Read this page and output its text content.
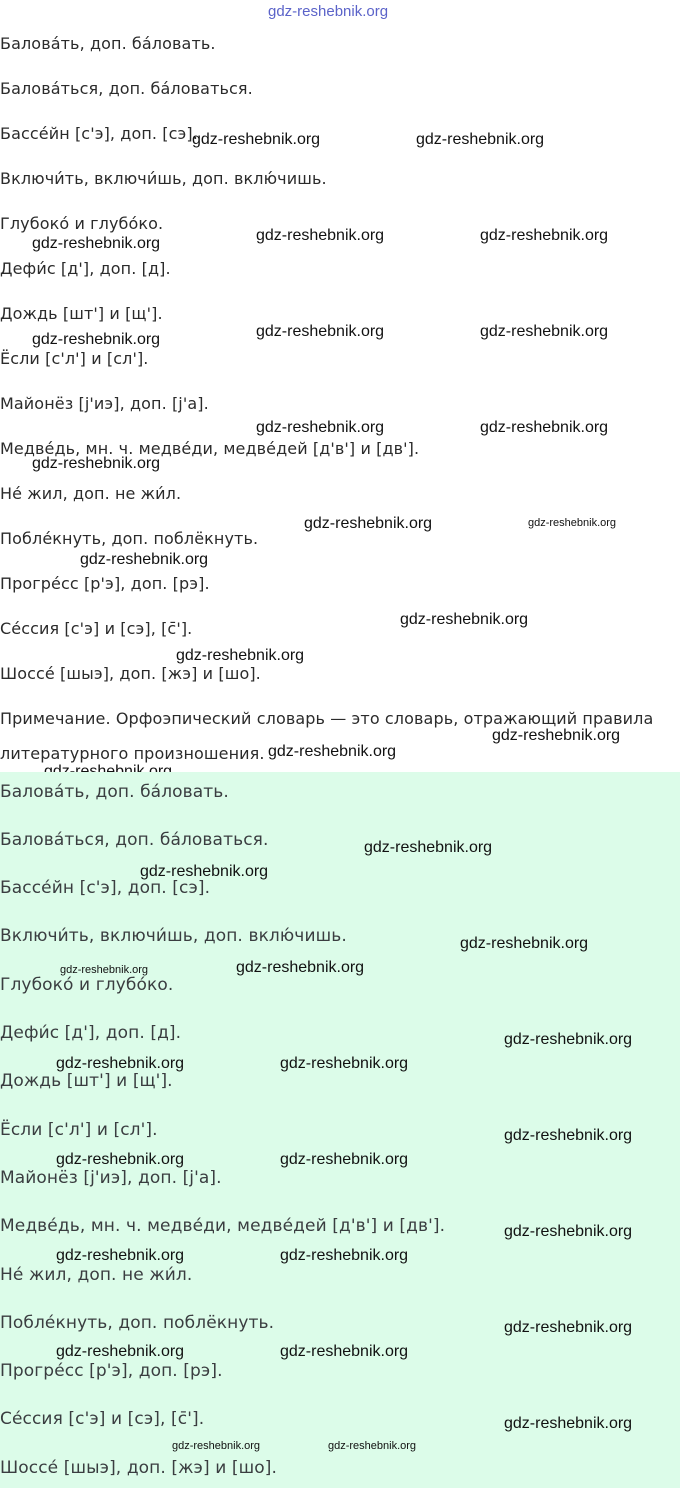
gdz-reshebnik.org
Балова́ть, доп. ба́ловать.
Балова́ться, доп. ба́ловаться.
Бассе́йн [с'э], доп. [сэ].
Включи́ть, включи́шь, доп. вклю́чишь.
Глубоко́ и глубо́ко.
Дефи́с [д'], доп. [д].
Дождь [шт'] и [щ'].
Ёсли [с'л'] и [сл'].
Майонёз [j'иэ], доп. [j'а].
Медве́дь, мн. ч. медве́ди, медве́дей [д'в'] и [дв'].
Не́ жил, доп. не жи́л.
Побле́кнуть, доп. поблёкнуть.
Прогре́сс [р'э], доп. [рэ].
Се́ссия [с'э] и [сэ], [с̄'].
Шоссе́ [шыэ], доп. [жэ] и [шо].
Примечание. Орфоэпический словарь — это словарь, отражающий правила
литературного произношения.
gdz-reshebnik.org	gdz-reshebnik.org
gdz-reshebnik.org	gdz-reshebnik.org	gdz-reshebnik.org
gdz-reshebnik.org	gdz-reshebnik.org	gdz-reshebnik.org
gdz-reshebnik.org	gdz-reshebnik.org
gdz-reshebnik.org
gdz-reshebnik.org	gdz-reshebnik.org
gdz-reshebnik.org
gdz-reshebnik.org
gdz-reshebnik.org
gdz-reshebnik.org
gdz-reshebnik.org
Балова́ть, доп. ба́ловать.
Балова́ться, доп. ба́ловаться.
Бассе́йн [с'э], доп. [сэ].
Включи́ть, включи́шь, доп. вклю́чишь.
Глубоко́ и глубо́ко.
Дефи́с [д'], доп. [д].
Дождь [шт'] и [щ'].
Ёсли [с'л'] и [сл'].
Майонёз [j'иэ], доп. [j'а].
Медве́дь, мн. ч. медве́ди, медве́дей [д'в'] и [дв'].
Не́ жил, доп. не жи́л.
Побле́кнуть, доп. поблёкнуть.
Прогре́сс [р'э], доп. [рэ].
Се́ссия [с'э] и [сэ], [с̄'].
Шоссе́ [шыэ], доп. [жэ] и [шо].
gdz-reshebnik.org
gdz-reshebnik.org
gdz-reshebnik.org
gdz-reshebnik.org	gdz-reshebnik.org
gdz-reshebnik.org
gdz-reshebnik.org	gdz-reshebnik.org
gdz-reshebnik.org
gdz-reshebnik.org	gdz-reshebnik.org
gdz-reshebnik.org
gdz-reshebnik.org	gdz-reshebnik.org
gdz-reshebnik.org
gdz-reshebnik.org	gdz-reshebnik.org
gdz-reshebnik.org
gdz-reshebnik.org	gdz-reshebnik.org
